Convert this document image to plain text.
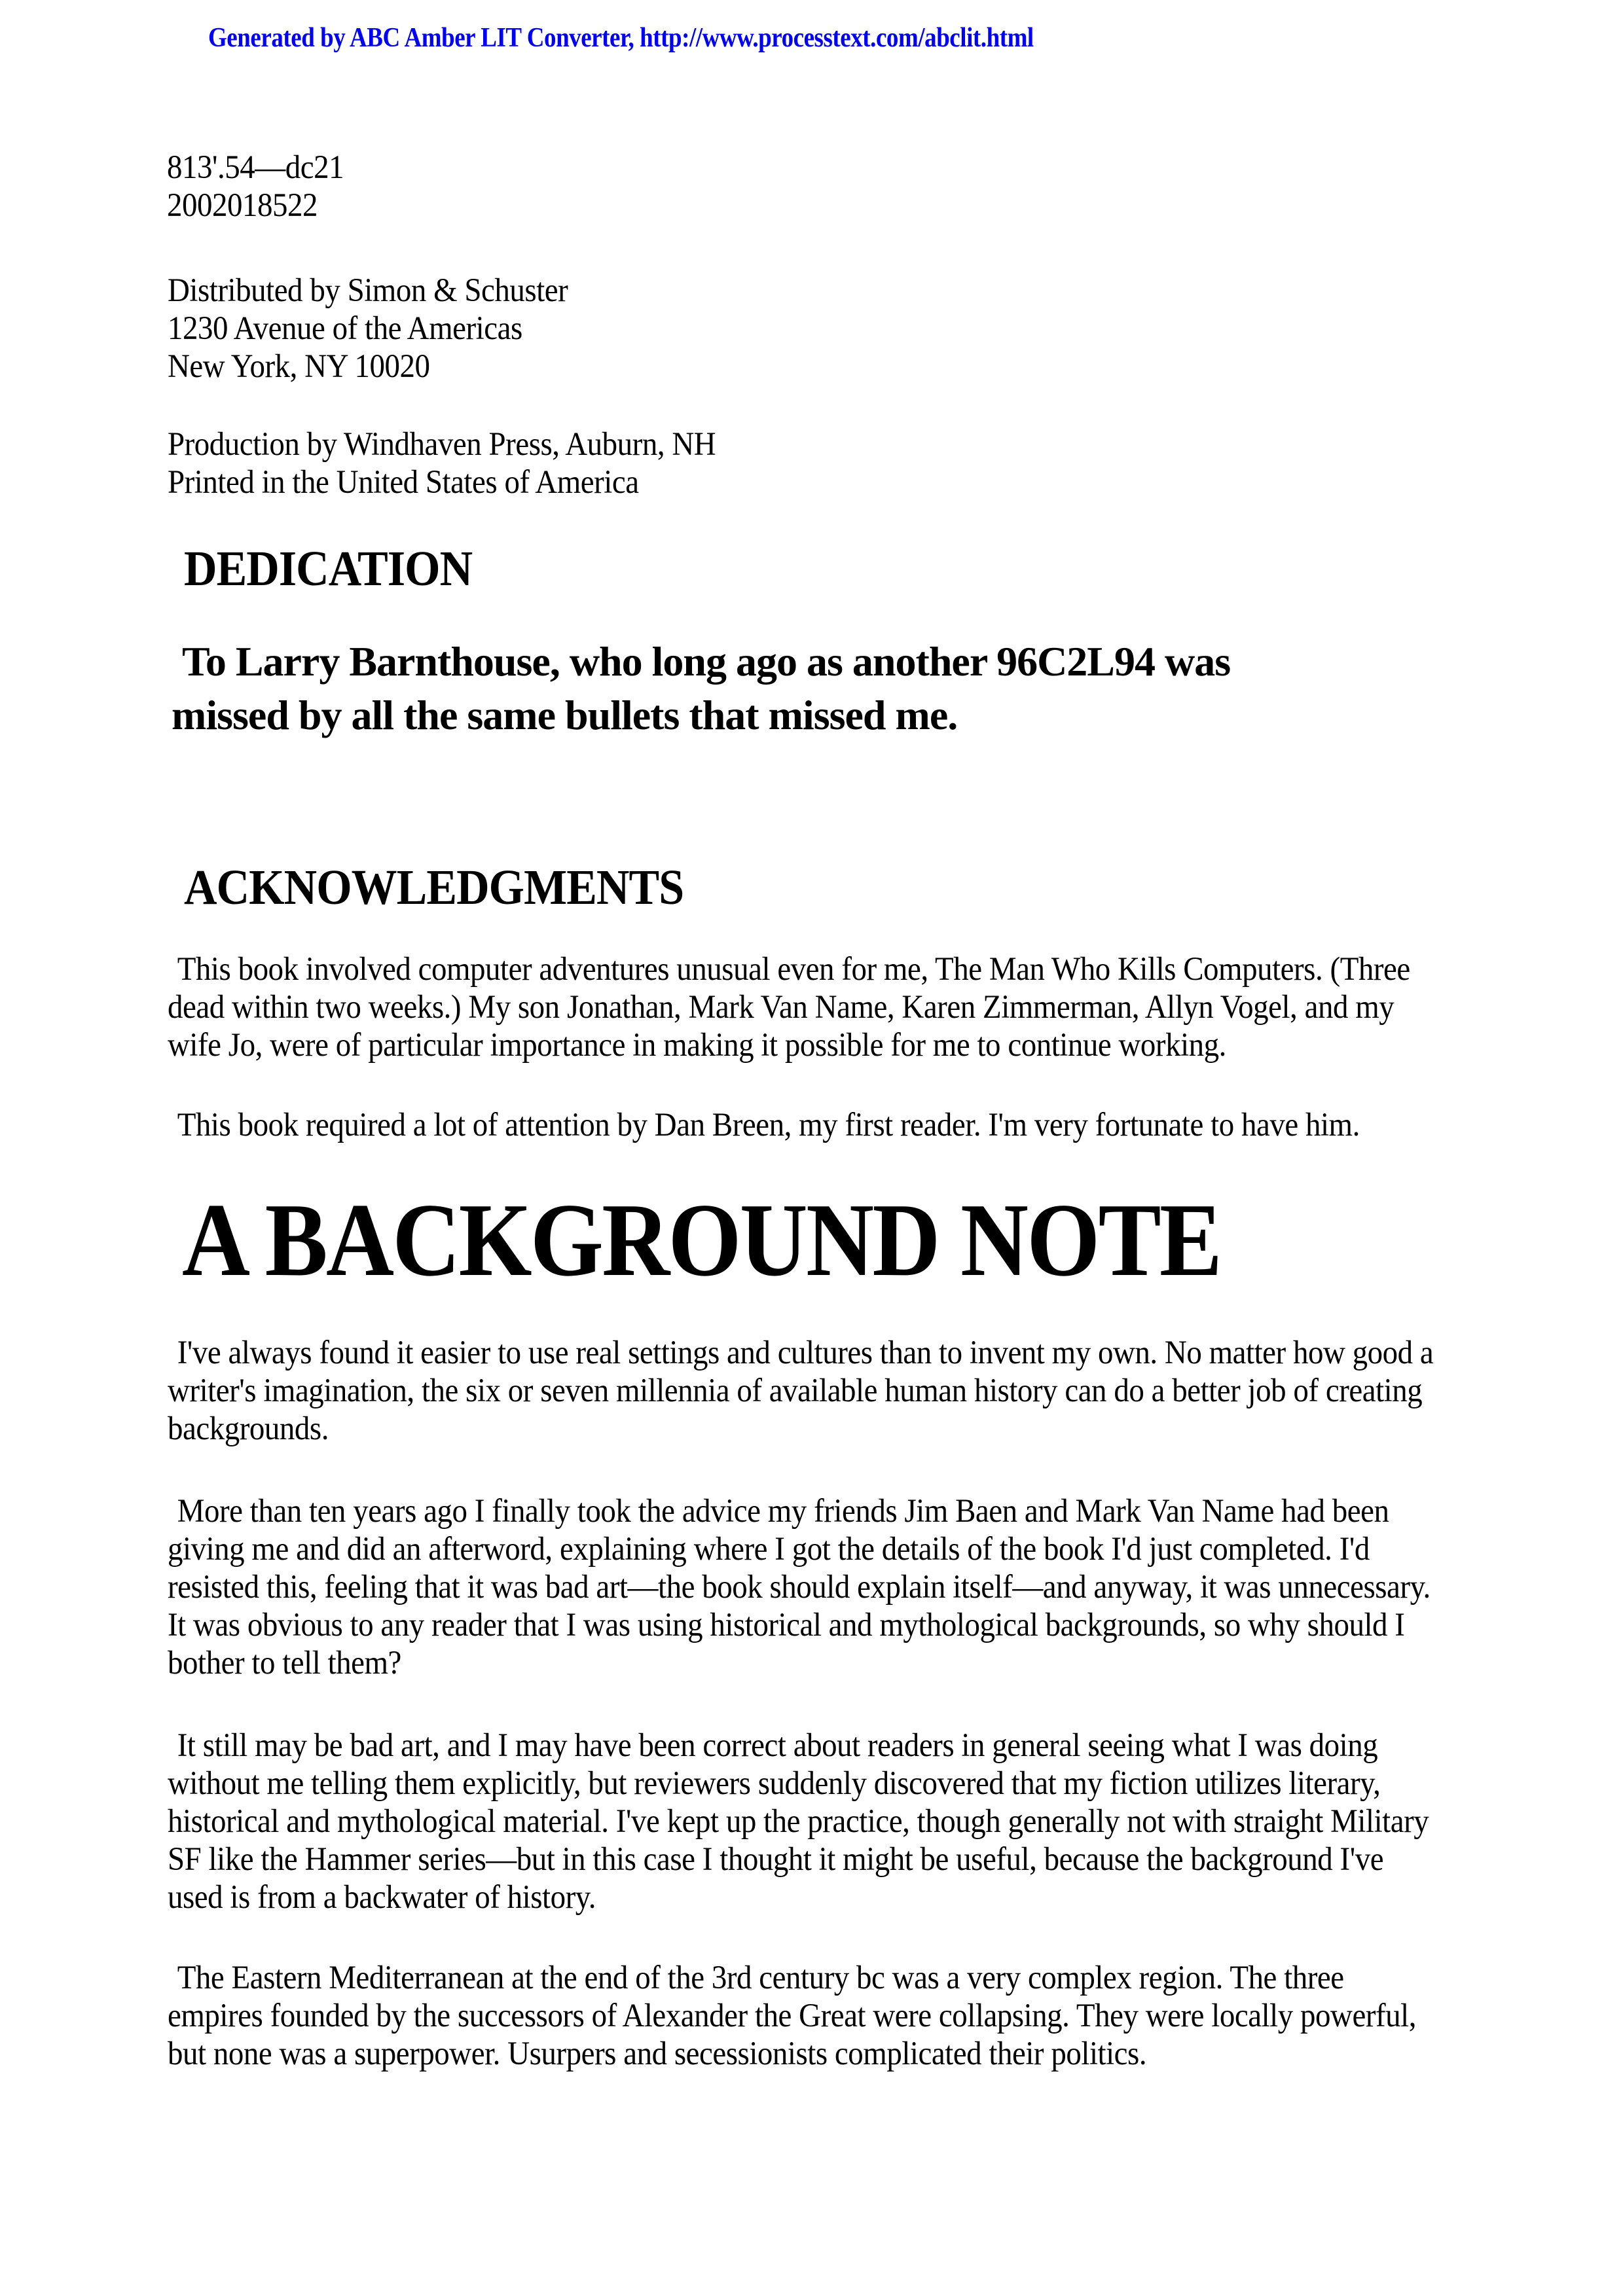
Generated by ABC Amber LIT Converter, http://www.processtext.com/abclit.html
813'.54—dc21
2002018522
Distributed by Simon & Schuster
1230 Avenue of the Americas
New York, NY 10020
Production by Windhaven Press, Auburn, NH
Printed in the United States of America
DEDICATION
To Larry Barnthouse, who long ago as another 96C2L94 was
missed by all the same bullets that missed me.
ACKNOWLEDGMENTS
This book involved computer adventures unusual even for me, The Man Who Kills Computers. (Three
dead within two weeks.) My son Jonathan, Mark Van Name, Karen Zimmerman, Allyn Vogel, and my
wife Jo, were of particular importance in making it possible for me to continue working.
This book required a lot of attention by Dan Breen, my first reader. I'm very fortunate to have him.
A BACKGROUND NOTE
I've always found it easier to use real settings and cultures than to invent my own. No matter how good a
writer's imagination, the six or seven millennia of available human history can do a better job of creating
backgrounds.
More than ten years ago I finally took the advice my friends Jim Baen and Mark Van Name had been
giving me and did an afterword, explaining where I got the details of the book I'd just completed. I'd
resisted this, feeling that it was bad art—the book should explain itself—and anyway, it was unnecessary.
It was obvious to any reader that I was using historical and mythological backgrounds, so why should I
bother to tell them?
It still may be bad art, and I may have been correct about readers in general seeing what I was doing
without me telling them explicitly, but reviewers suddenly discovered that my fiction utilizes literary,
historical and mythological material. I've kept up the practice, though generally not with straight Military
SF like the Hammer series—but in this case I thought it might be useful, because the background I've
used is from a backwater of history.
The Eastern Mediterranean at the end of the 3rd century bc was a very complex region. The three
empires founded by the successors of Alexander the Great were collapsing. They were locally powerful,
but none was a superpower. Usurpers and secessionists complicated their politics.
